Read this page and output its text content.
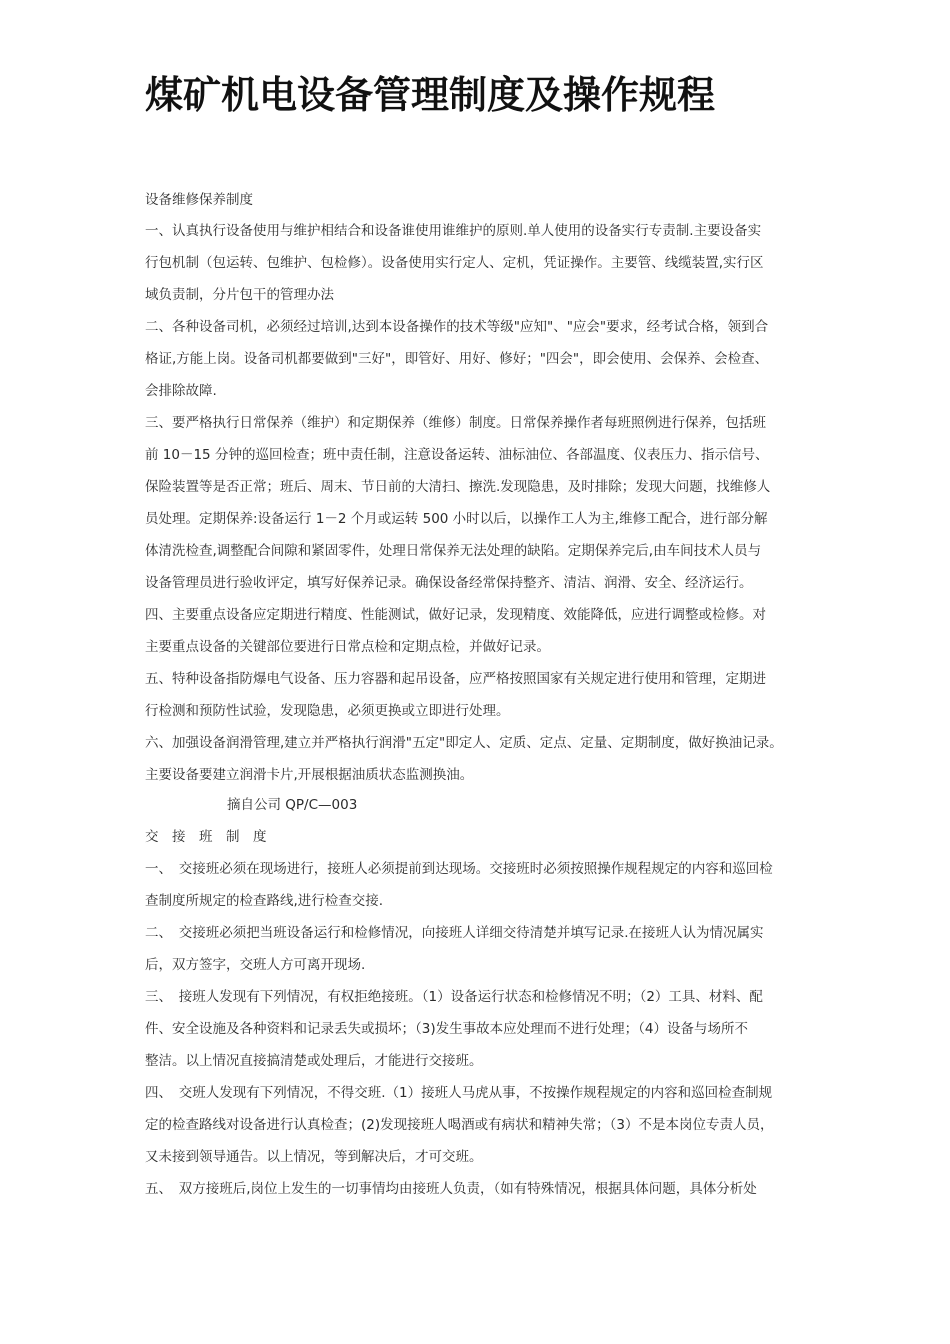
煤矿机电设备管理制度及操作规程

设备维修保养制度

一、认真执行设备使用与维护相结合和设备谁使用谁维护的原则.单人使用的设备实行专责制.主要设备实

行包机制（包运转、包维护、包检修）。设备使用实行定人、定机，凭证操作。主要管、线缆装置,实行区

域负责制，分片包干的管理办法

二、各种设备司机，必须经过培训,达到本设备操作的技术等级"应知"、"应会"要求，经考试合格，领到合

格证,方能上岗。设备司机都要做到"三好"，即管好、用好、修好；"四会"，即会使用、会保养、会检查、

会排除故障.

三、要严格执行日常保养（维护）和定期保养（维修）制度。日常保养操作者每班照例进行保养，包括班

前 10－15 分钟的巡回检查；班中责任制，注意设备运转、油标油位、各部温度、仪表压力、指示信号、

保险装置等是否正常；班后、周末、节日前的大清扫、擦洗.发现隐患，及时排除；发现大问题，找维修人

员处理。定期保养:设备运行 1－2 个月或运转 500 小时以后，以操作工人为主,维修工配合，进行部分解

体清洗检查,调整配合间隙和紧固零件，处理日常保养无法处理的缺陷。定期保养完后,由车间技术人员与

设备管理员进行验收评定，填写好保养记录。确保设备经常保持整齐、清洁、润滑、安全、经济运行。

四、主要重点设备应定期进行精度、性能测试，做好记录，发现精度、效能降低，应进行调整或检修。对

主要重点设备的关键部位要进行日常点检和定期点检，并做好记录。

五、特种设备指防爆电气设备、压力容器和起吊设备，应严格按照国家有关规定进行使用和管理，定期进

行检测和预防性试验，发现隐患，必须更换或立即进行处理。

六、加强设备润滑管理,建立并严格执行润滑"五定"即定人、定质、定点、定量、定期制度，做好换油记录。

主要设备要建立润滑卡片,开展根据油质状态监测换油。

摘自公司 QP/C—003

交　接　班　制　度

一、　交接班必须在现场进行，接班人必须提前到达现场。交接班时必须按照操作规程规定的内容和巡回检

查制度所规定的检查路线,进行检查交接.

二、　交接班必须把当班设备运行和检修情况，向接班人详细交待清楚并填写记录.在接班人认为情况属实

后，双方签字，交班人方可离开现场.

三、　接班人发现有下列情况，有权拒绝接班。（1）设备运行状态和检修情况不明；（2）工具、材料、配

件、安全设施及各种资料和记录丢失或损坏；（3)发生事故本应处理而不进行处理；（4）设备与场所不

整洁。以上情况直接搞清楚或处理后，才能进行交接班。

四、　交班人发现有下列情况，不得交班.（1）接班人马虎从事，不按操作规程规定的内容和巡回检查制规

定的检查路线对设备进行认真检查；(2)发现接班人喝酒或有病状和精神失常；（3）不是本岗位专责人员，

又未接到领导通告。以上情况，等到解决后，才可交班。

五、　双方接班后,岗位上发生的一切事情均由接班人负责，（如有特殊情况，根据具体问题，具体分析处
